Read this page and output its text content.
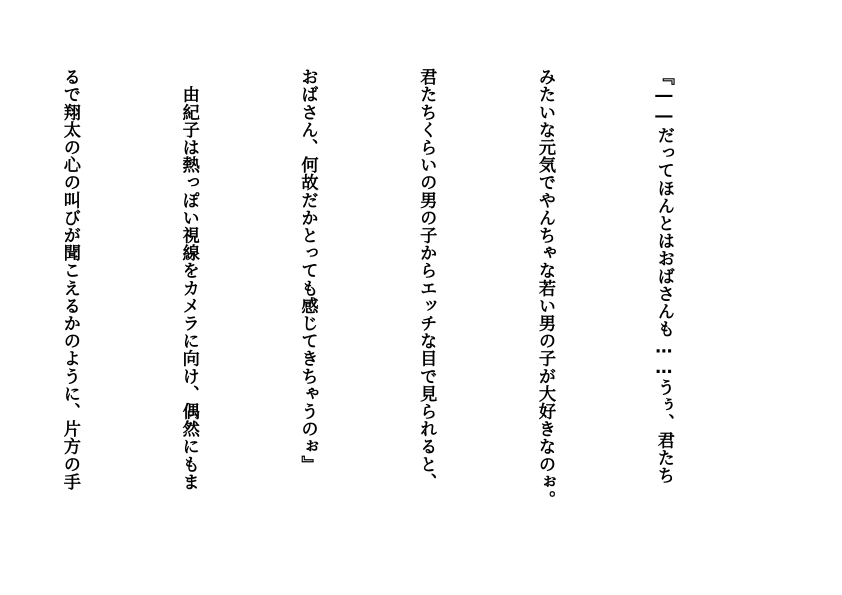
『――だってほんとはおばさんも……うぅ、君たち

みたいな元気でやんちゃな若い男の子が大好きなのぉ。

君たちくらいの男の子からエッチな目で見られると、

おばさん、何故だかとっても感じてきちゃうのぉ』

　由紀子は熱っぽい視線をカメラに向け、偶然にもま

るで翔太の心の叫びが聞こえるかのように、片方の手
